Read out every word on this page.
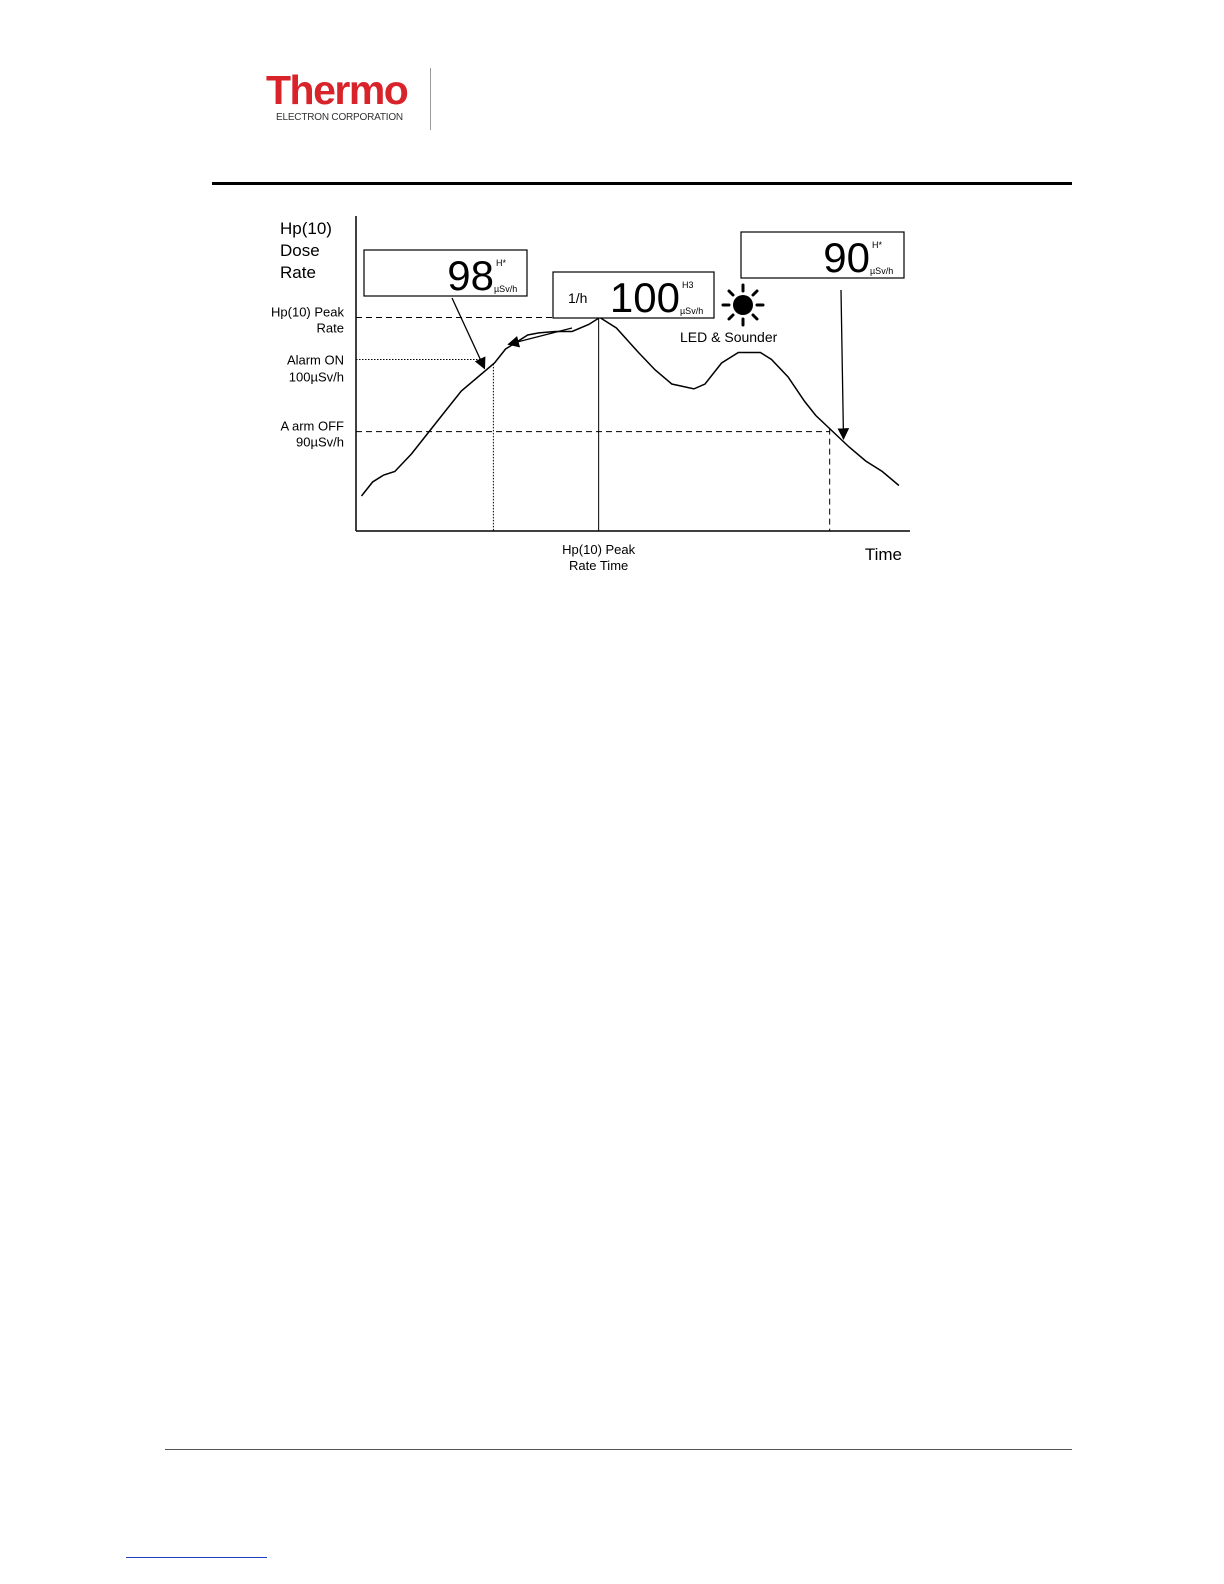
Thermo
ELECTRON CORPORATION
Hp(10)
Dose
Rate
Time
Hp(10) Peak
Rate
Alarm ON
100µSv/h
A arm OFF
90µSv/h
Hp(10) Peak
Rate Time
98 H*
µSv/h
1/h 100 H3
µSv/h
90 H*
µSv/h
LED & Sounder
